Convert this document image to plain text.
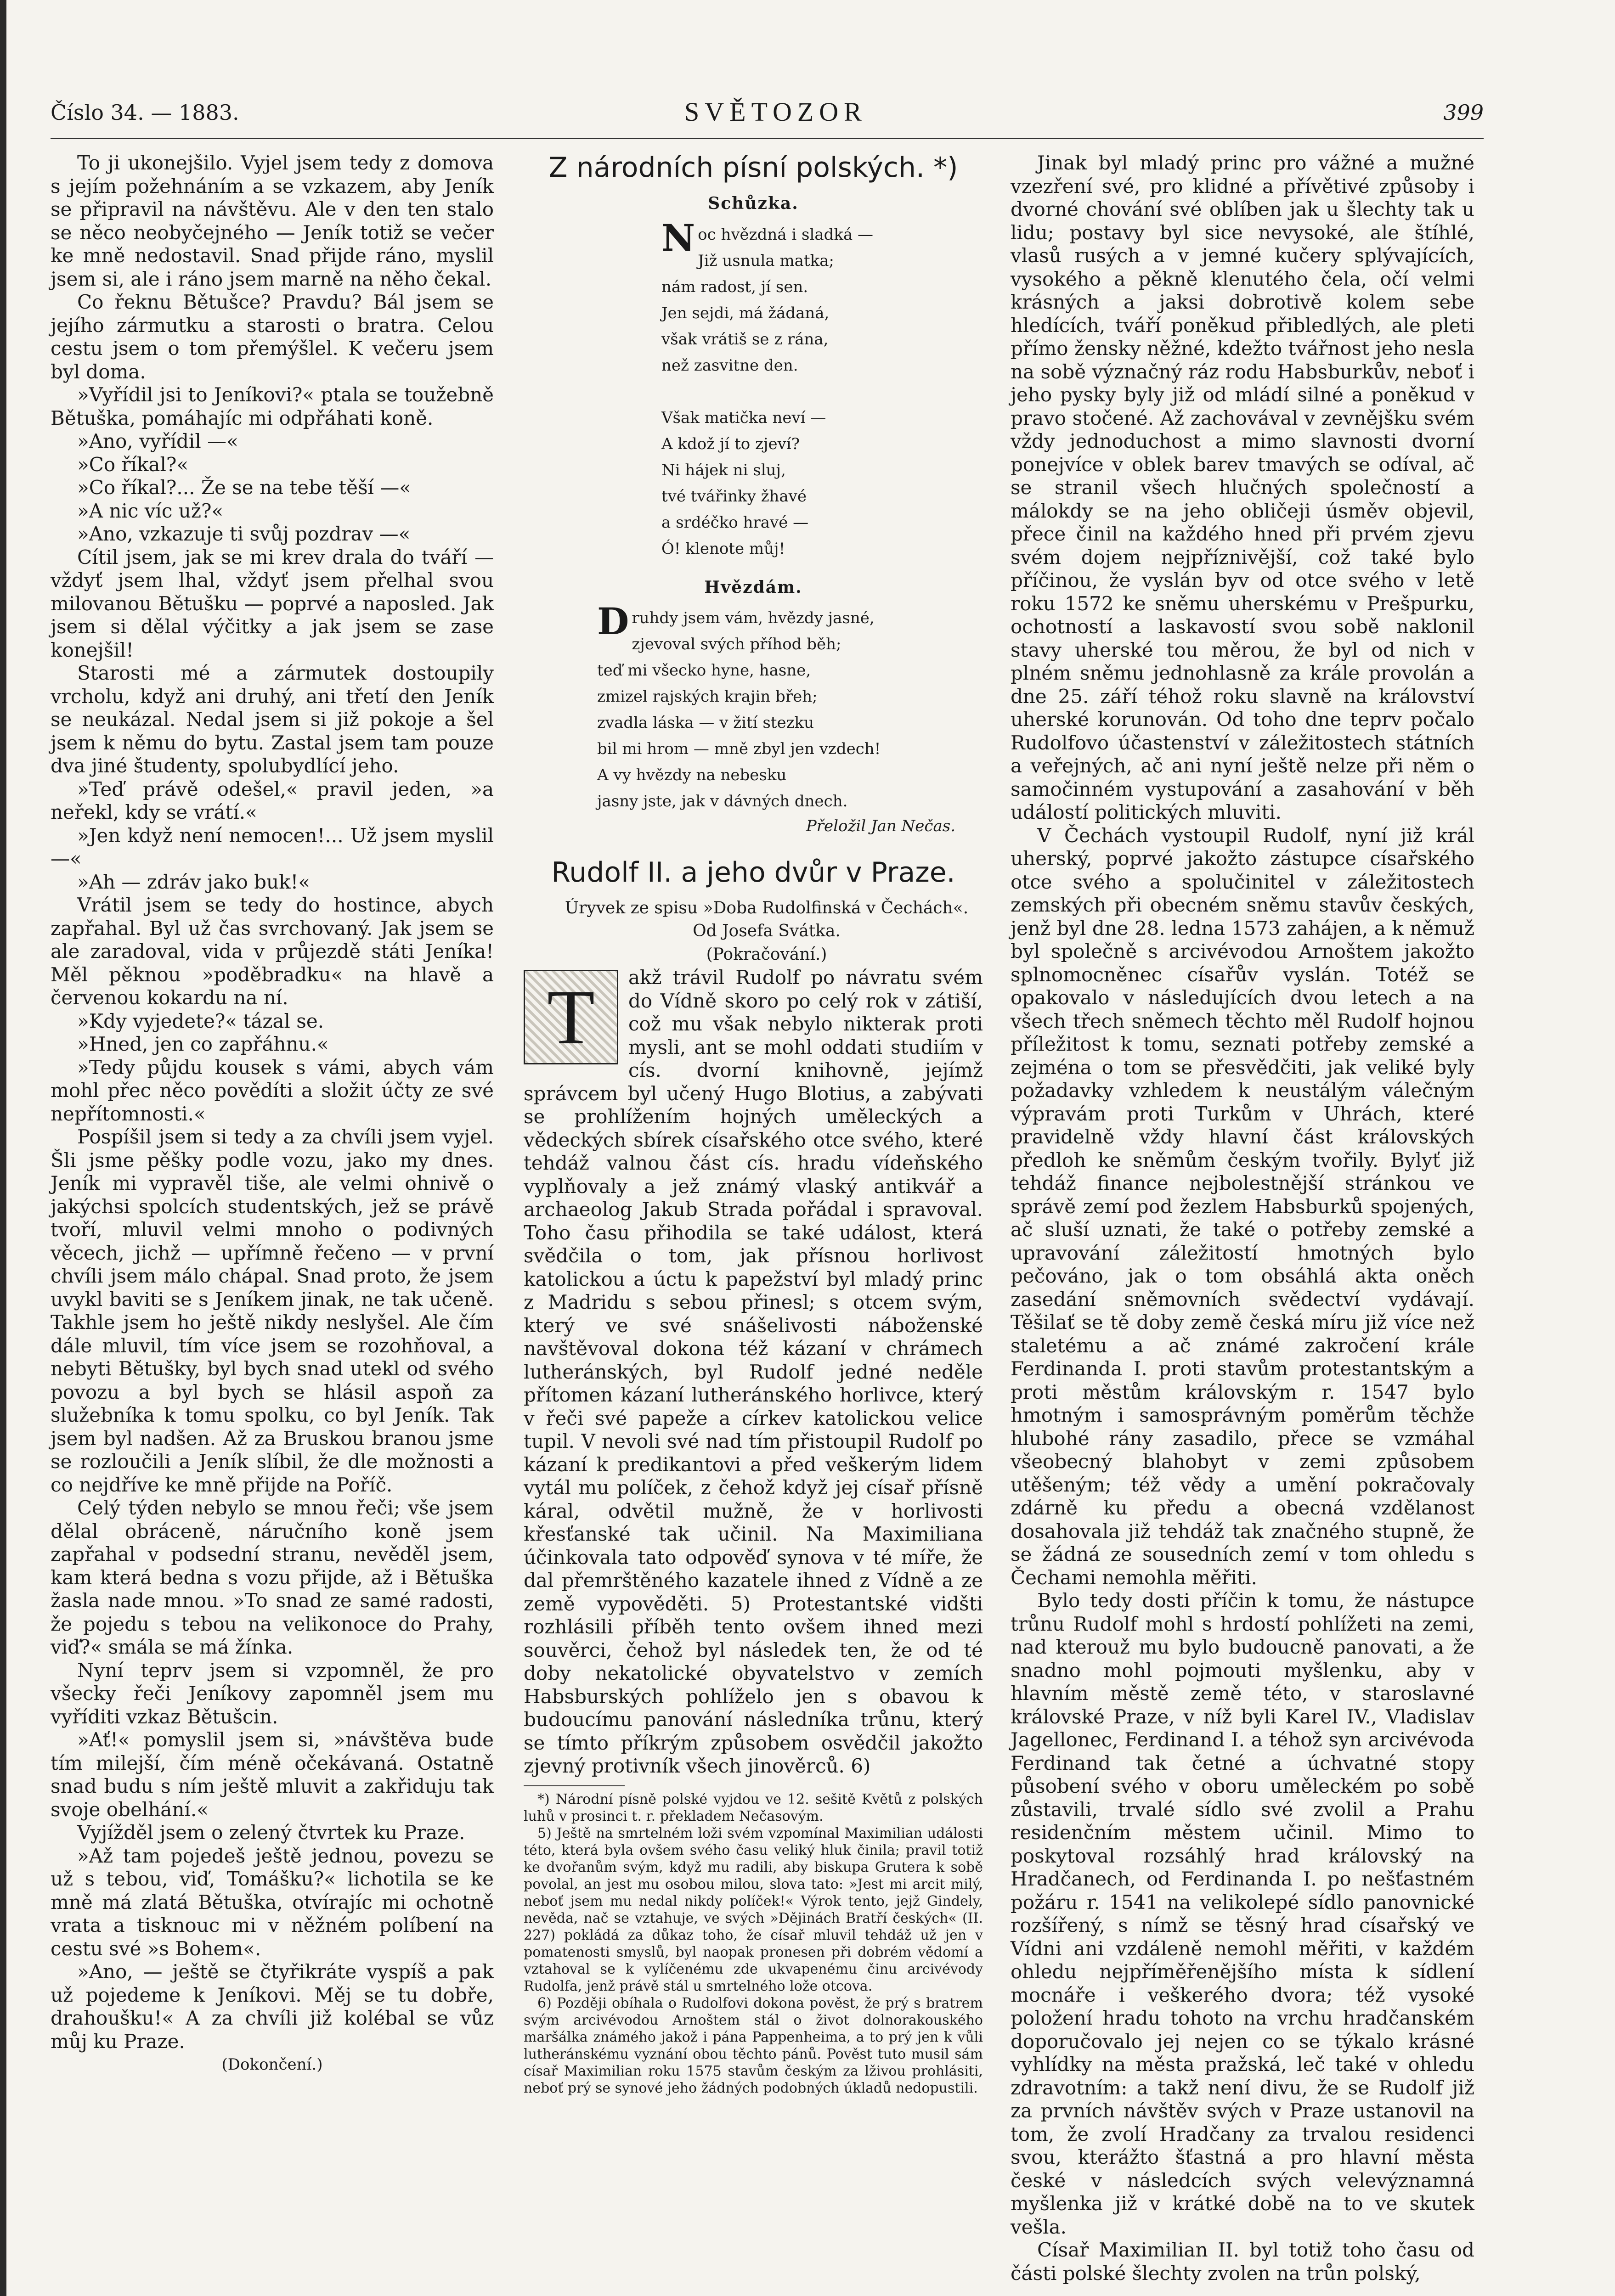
Číslo 34. — 1883.	SVĚTOZOR	399

To ji ukonejšilo. Vyjel jsem tedy z domova s jejím požehnáním a se vzkazem, aby Jeník se připravil na návštěvu. Ale v den ten stalo se něco neobyčejného — Jeník totiž se večer ke mně nedostavil. Snad přijde ráno, myslil jsem si, ale i ráno jsem marně na něho čekal.

Co řeknu Bětušce? Pravdu? Bál jsem se jejího zármutku a starosti o bratra. Celou cestu jsem o tom přemýšlel. K večeru jsem byl doma.

»Vyřídil jsi to Jeníkovi?« ptala se toužebně Bětuška, pomáhajíc mi odpřáhati koně.

»Ano, vyřídil —«

»Co říkal?«

»Co říkal?... Že se na tebe těší —«

»A nic víc už?«

»Ano, vzkazuje ti svůj pozdrav —«

Cítil jsem, jak se mi krev drala do tváří — vždyť jsem lhal, vždyť jsem přelhal svou milovanou Bětušku — poprvé a naposled. Jak jsem si dělal výčitky a jak jsem se zase konejšil!

Starosti mé a zármutek dostoupily vrcholu, když ani druhý, ani třetí den Jeník se neukázal. Nedal jsem si již pokoje a šel jsem k němu do bytu. Zastal jsem tam pouze dva jiné študenty, spolubydlící jeho.

»Teď právě odešel,« pravil jeden, »a neřekl, kdy se vrátí.«

»Jen když není nemocen!... Už jsem myslil —«

»Ah — zdráv jako buk!«

Vrátil jsem se tedy do hostince, abych zapřahal. Byl už čas svrchovaný. Jak jsem se ale zaradoval, vida v průjezdě státi Jeníka! Měl pěknou »poděbradku« na hlavě a červenou kokardu na ní.

»Kdy vyjedete?« tázal se.

»Hned, jen co zapřáhnu.«

»Tedy půjdu kousek s vámi, abych vám mohl přec něco povědíti a složit účty ze své nepřítomnosti.«

Pospíšil jsem si tedy a za chvíli jsem vyjel. Šli jsme pěšky podle vozu, jako my dnes. Jeník mi vypravěl tiše, ale velmi ohnivě o jakýchsi spolcích studentských, jež se právě tvoří, mluvil velmi mnoho o podivných věcech, jichž — upřímně řečeno — v první chvíli jsem málo chápal. Snad proto, že jsem uvykl baviti se s Jeníkem jinak, ne tak učeně. Takhle jsem ho ještě nikdy neslyšel. Ale čím dále mluvil, tím více jsem se rozohňoval, a nebyti Bětušky, byl bych snad utekl od svého povozu a byl bych se hlásil aspoň za služebníka k tomu spolku, co byl Jeník. Tak jsem byl nadšen. Až za Bruskou branou jsme se rozloučili a Jeník slíbil, že dle možnosti a co nejdříve ke mně přijde na Poříč.

Celý týden nebylo se mnou řeči; vše jsem dělal obráceně, náručního koně jsem zapřahal v podsední stranu, nevěděl jsem, kam která bedna s vozu přijde, až i Bětuška žasla nade mnou. »To snad ze samé radosti, že pojedu s tebou na velikonoce do Prahy, viď?« smála se má žínka.

Nyní teprv jsem si vzpomněl, že pro všecky řeči Jeníkovy zapomněl jsem mu vyříditi vzkaz Bětušcin.

»Ať!« pomyslil jsem si, »návštěva bude tím milejší, čím méně očekávaná. Ostatně snad budu s ním ještě mluvit a zakřiduju tak svoje obelhání.«

Vyjížděl jsem o zelený čtvrtek ku Praze.

»Až tam pojedeš ještě jednou, povezu se už s tebou, viď, Tomášku?« lichotila se ke mně má zlatá Bětuška, otvírajíc mi ochotně vrata a tisknouc mi v něžném políbení na cestu své »s Bohem«.

»Ano, — ještě se čtyřikráte vyspíš a pak už pojedeme k Jeníkovi. Měj se tu dobře, drahoušku!« A za chvíli již kolébal se vůz můj ku Praze.

(Dokončení.)

Z národních písní polských. *)
Schůzka.
N oc hvězdná i sladká —
Již usnula matka;
nám radost, jí sen.
Jen sejdi, má žádaná,
však vrátiš se z rána,
než zasvitne den.

Však matička neví —
A kdož jí to zjeví?
Ni hájek ni sluj,
tvé tvářinky žhavé
a srdéčko hravé —
Ó! klenote můj!
Hvězdám.
D ruhdy jsem vám, hvězdy jasné,
zjevoval svých příhod běh;
teď mi všecko hyne, hasne,
zmizel rajských krajin břeh;
zvadla láska — v žití stezku
bil mi hrom — mně zbyl jen vzdech!
A vy hvězdy na nebesku
jasny jste, jak v dávných dnech.

Přeložil Jan Nečas.

Rudolf II. a jeho dvůr v Praze.

Úryvek ze spisu »Doba Rudolfinská v Čechách«.

Od Josefa Svátka.

(Pokračování.)

T	akž trávil Rudolf po návratu svém do Vídně skoro po celý rok v zátiší, což mu však nebylo nikterak proti mysli, ant se mohl oddati studiím v cís. dvorní knihovně, jejímž správcem byl učený Hugo Blotius, a zabývati se prohlížením hojných uměleckých a vědeckých sbírek císařského otce svého, které tehdáž valnou část cís. hradu vídeňského vyplňovaly a jež známý vlaský antikvář a archaeolog Jakub Strada pořádal i spravoval. Toho času přihodila se také událost, která svědčila o tom, jak přísnou horlivost katolickou a úctu k papežství byl mladý princ z Madridu s sebou přinesl; s otcem svým, který ve své snášelivosti náboženské navštěvoval dokona též kázaní v chrámech lutheránských, byl Rudolf jedné neděle přítomen kázaní lutheránského horlivce, který v řeči své papeže a církev katolickou velice tupil. V nevoli své nad tím přistoupil Rudolf po kázaní k predikantovi a před veškerým lidem vytál mu políček, z čehož když jej císař přísně káral, odvětil mužně, že v horlivosti křesťanské tak učinil. Na Maximiliana účinkovala tato odpověď synova v té míře, že dal přemrštěného kazatele ihned z Vídně a ze země vypověděti. 5) Protestantské vidšti rozhlásili příběh tento ovšem ihned mezi souvěrci, čehož byl následek ten, že od té doby nekatolické obyvatelstvo v zemích Habsburských pohlíželo jen s obavou k budoucímu panování následníka trůnu, který se tímto příkrým způsobem osvědčil jakožto zjevný protivník všech jinověrců. 6)

*) Národní písně polské vyjdou ve 12. sešitě Květů z polských luhů v prosinci t. r. překladem Nečasovým.

5) Ještě na smrtelném loži svém vzpomínal Maximilian události této, která byla ovšem svého času veliký hluk činila; pravil totiž ke dvořanům svým, když mu radili, aby biskupa Grutera k sobě povolal, an jest mu osobou milou, slova tato: »Jest mi arcit milý, neboť jsem mu nedal nikdy políček!« Výrok tento, jejž Gindely, nevěda, nač se vztahuje, ve svých »Dějinách Bratří českých« (II. 227) pokládá za důkaz toho, že císař mluvil tehdáž už jen v pomatenosti smyslů, byl naopak pronesen při dobrém vědomí a vztahoval se k vylíčenému zde ukvapenému činu arcivévody Rudolfa, jenž právě stál u smrtelného lože otcova.

6) Později obíhala o Rudolfovi dokona pověst, že prý s bratrem svým arcivévodou Arnoštem stál o život dolnorakouského maršálka známého jakož i pána Pappenheima, a to prý jen k vůli lutheránskému vyznání obou těchto pánů. Pověst tuto musil sám císař Maximilian roku 1575 stavům českým za lživou prohlásiti, neboť prý se synové jeho žádných podobných úkladů nedopustili.

Jinak byl mladý princ pro vážné a mužné vzezření své, pro klidné a přívětivé způsoby i dvorné chování své oblíben jak u šlechty tak u lidu; postavy byl sice nevysoké, ale štíhlé, vlasů rusých a v jemné kučery splývajících, vysokého a pěkně klenutého čela, očí velmi krásných a jaksi dobrotivě kolem sebe hledících, tváří poněkud přibledlých, ale pleti přímo žensky něžné, kdežto tvářnost jeho nesla na sobě význačný ráz rodu Habsburkův, neboť i jeho pysky byly již od mládí silné a poněkud v pravo stočené. Až zachovával v zevnějšku svém vždy jednoduchost a mimo slavnosti dvorní ponejvíce v oblek barev tmavých se odíval, ač se stranil všech hlučných společností a málokdy se na jeho obličeji úsměv objevil, přece činil na každého hned při prvém zjevu svém dojem nejpříznivější, což také bylo příčinou, že vyslán byv od otce svého v letě roku 1572 ke sněmu uherskému v Prešpurku, ochotností a laskavostí svou sobě naklonil stavy uherské tou měrou, že byl od nich v plném sněmu jednohlasně za krále provolán a dne 25. září téhož roku slavně na království uherské korunován. Od toho dne teprv počalo Rudolfovo účastenství v záležitostech státních a veřejných, ač ani nyní ještě nelze při něm o samočinném vystupování a zasahování v běh událostí politických mluviti.

V Čechách vystoupil Rudolf, nyní již král uherský, poprvé jakožto zástupce císařského otce svého a spolučinitel v záležitostech zemských při obecném sněmu stavův českých, jenž byl dne 28. ledna 1573 zahájen, a k němuž byl společně s arcivévodou Arnoštem jakožto splnomocněnec císařův vyslán. Totéž se opakovalo v následujících dvou letech a na všech třech sněmech těchto měl Rudolf hojnou příležitost k tomu, seznati potřeby zemské a zejména o tom se přesvědčiti, jak veliké byly požadavky vzhledem k neustálým válečným výpravám proti Turkům v Uhrách, které pravidelně vždy hlavní část královských předloh ke sněmům českým tvořily. Bylyť již tehdáž finance nejbolestnější stránkou ve správě zemí pod žezlem Habsburků spojených, ač sluší uznati, že také o potřeby zemské a upravování záležitostí hmotných bylo pečováno, jak o tom obsáhlá akta oněch zasedání sněmovních svědectví vydávají. Těšilať se tě doby země česká míru již více než staletému a ač známé zakročení krále Ferdinanda I. proti stavům protestantským a proti městům královským r. 1547 bylo hmotným i samosprávným poměrům těchže hlubohé rány zasadilo, přece se vzmáhal všeobecný blahobyt v zemi způsobem utěšeným; též vědy a umění pokračovaly zdárně ku předu a obecná vzdělanost dosahovala již tehdáž tak značného stupně, že se žádná ze sousedních zemí v tom ohledu s Čechami nemohla měřiti.

Bylo tedy dosti příčin k tomu, že nástupce trůnu Rudolf mohl s hrdostí pohlížeti na zemi, nad kterouž mu bylo budoucně panovati, a že snadno mohl pojmouti myšlenku, aby v hlavním městě země této, v staroslavné královské Praze, v níž byli Karel IV., Vladislav Jagellonec, Ferdinand I. a téhož syn arcivévoda Ferdinand tak četné a úchvatné stopy působení svého v oboru uměleckém po sobě zůstavili, trvalé sídlo své zvolil a Prahu residenčním městem učinil. Mimo to poskytoval rozsáhlý hrad královský na Hradčanech, od Ferdinanda I. po nešťastném požáru r. 1541 na velikolepé sídlo panovnické rozšířený, s nímž se těsný hrad císařský ve Vídni ani vzdáleně nemohl měřiti, v každém ohledu nejpříměřenějšího místa k sídlení mocnáře i veškerého dvora; též vysoké položení hradu tohoto na vrchu hradčanském doporučovalo jej nejen co se týkalo krásné vyhlídky na města pražská, leč také v ohledu zdravotním: a takž není divu, že se Rudolf již za prvních návštěv svých v Praze ustanovil na tom, že zvolí Hradčany za trvalou residenci svou, kterážto šťastná a pro hlavní města české v následcích svých velevýznamná myšlenka již v krátké době na to ve skutek vešla.

Císař Maximilian II. byl totiž toho času od části polské šlechty zvolen na trůn polský,
